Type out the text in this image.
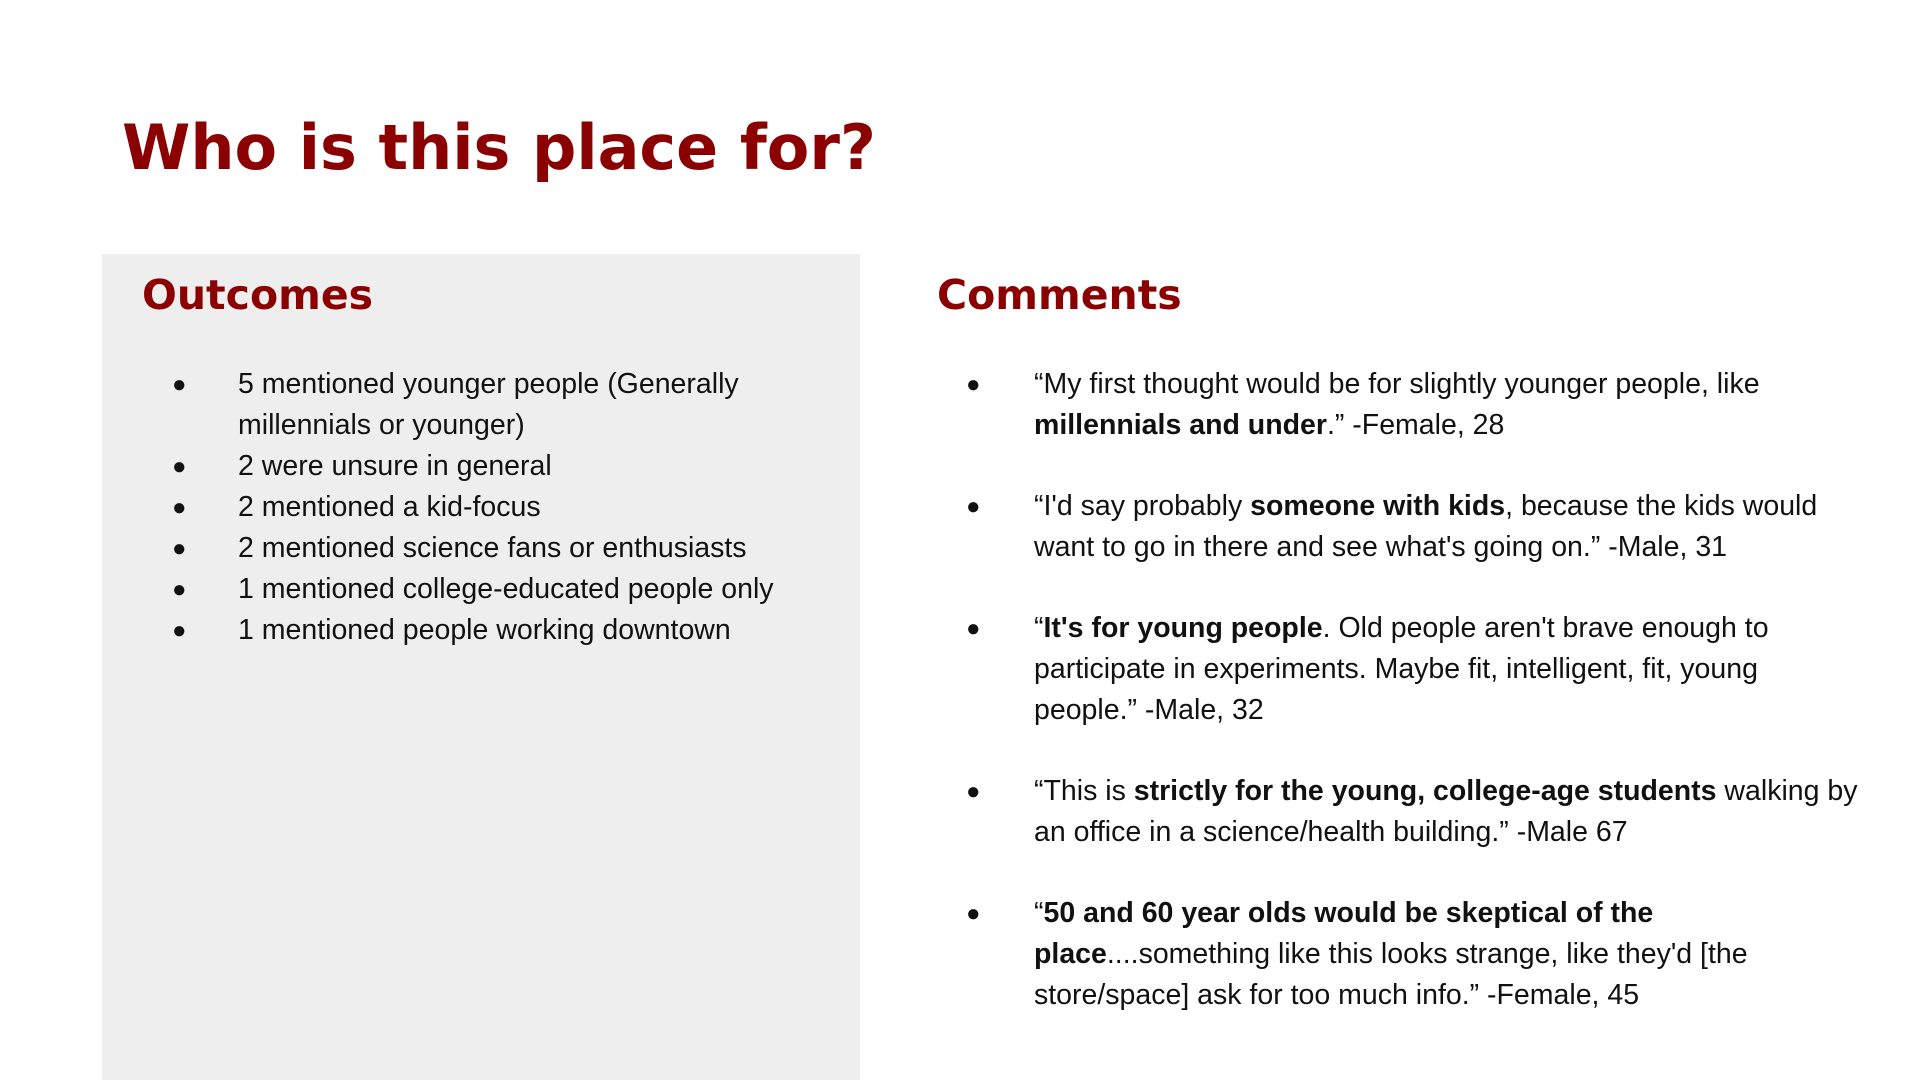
Who is this place for?
Outcomes
● 5 mentioned younger people (Generally millennials or younger)
● 2 were unsure in general
● 2 mentioned a kid-focus
● 2 mentioned science fans or enthusiasts
● 1 mentioned college-educated people only
● 1 mentioned people working downtown
Comments
● “My first thought would be for slightly younger people, like millennials and under.” -Female, 28
● “I'd say probably someone with kids, because the kids would want to go in there and see what's going on.” -Male, 31
● “It's for young people. Old people aren't brave enough to participate in experiments. Maybe fit, intelligent, fit, young people.” -Male, 32
● “This is strictly for the young, college-age students walking by an office in a science/health building.” -Male 67
● “50 and 60 year olds would be skeptical of the place....something like this looks strange, like they'd [the store/space] ask for too much info.” -Female, 45
